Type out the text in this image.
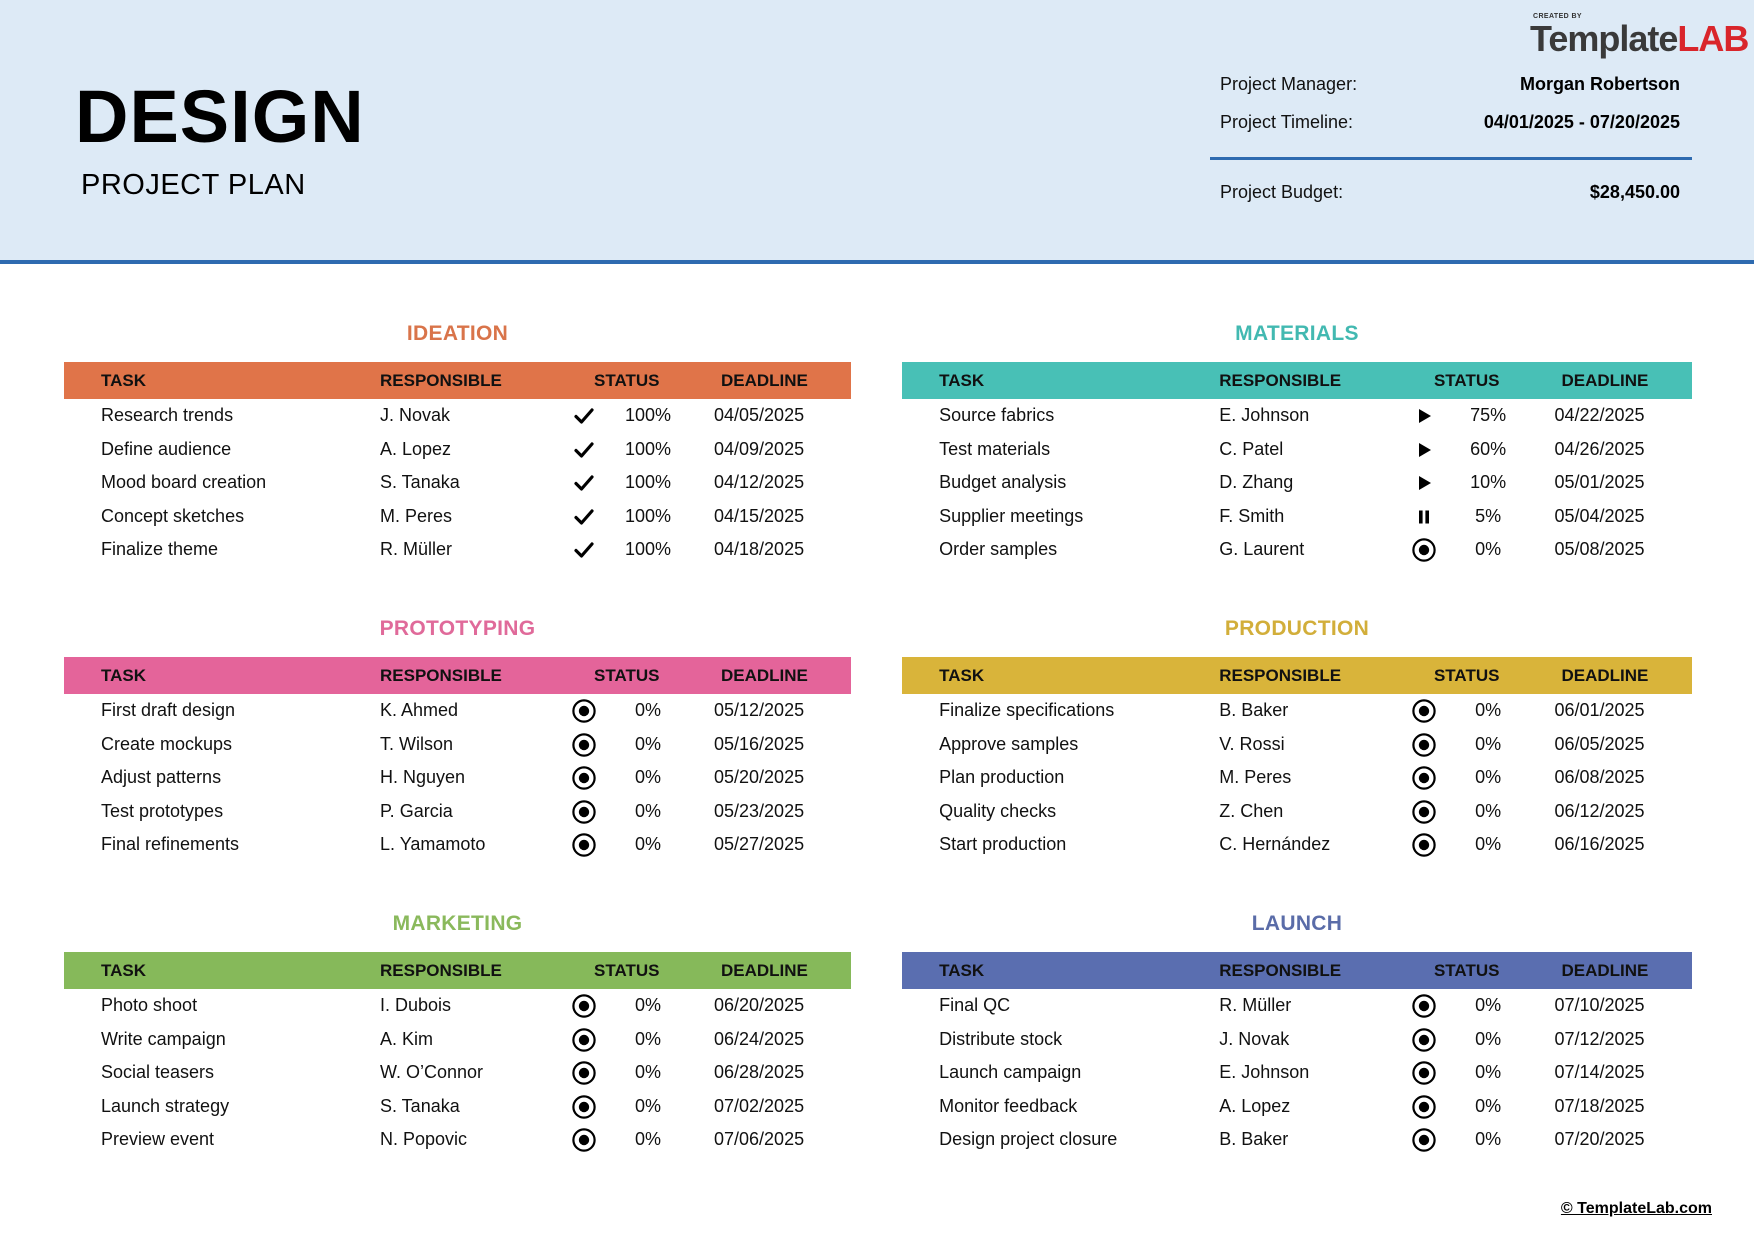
DESIGN
PROJECT PLAN
CREATED BY
TemplateLAB
Project Manager:	Morgan Robertson
Project Timeline:	04/01/2025 - 07/20/2025
Project Budget:	$28,450.00
IDEATION
TASK	RESPONSIBLE	STATUS	DEADLINE
Research trends	J. Novak	100% 04/05/2025
Define audience	A. Lopez	100% 04/09/2025
Mood board creation	S. Tanaka	100% 04/12/2025
Concept sketches	M. Peres	100% 04/15/2025
Finalize theme	R. Müller	100% 04/18/2025
MATERIALS
TASK	RESPONSIBLE	STATUS	DEADLINE
Source fabrics	E. Johnson	75%	04/22/2025
Test materials	C. Patel	60%	04/26/2025
Budget analysis	D. Zhang	10%	05/01/2025
Supplier meetings	F. Smith	5%	05/04/2025
Order samples	G. Laurent	0%	05/08/2025
PROTOTYPING
TASK	RESPONSIBLE	STATUS	DEADLINE
First draft design	K. Ahmed	0%	05/12/2025
Create mockups	T. Wilson	0%	05/16/2025
Adjust patterns	H. Nguyen	0%	05/20/2025
Test prototypes	P. Garcia	0%	05/23/2025
Final refinements	L. Yamamoto	0%	05/27/2025
PRODUCTION
TASK	RESPONSIBLE	STATUS	DEADLINE
Finalize specifications	B. Baker	0%	06/01/2025
Approve samples	V. Rossi	0%	06/05/2025
Plan production	M. Peres	0%	06/08/2025
Quality checks	Z. Chen	0%	06/12/2025
Start production	C. Hernández	0%	06/16/2025
MARKETING
TASK	RESPONSIBLE	STATUS	DEADLINE
Photo shoot	I. Dubois	0%	06/20/2025
Write campaign	A. Kim	0%	06/24/2025
Social teasers	W. O’Connor	0%	06/28/2025
Launch strategy	S. Tanaka	0%	07/02/2025
Preview event	N. Popovic	0%	07/06/2025
LAUNCH
TASK	RESPONSIBLE	STATUS	DEADLINE
Final QC	R. Müller	0%	07/10/2025
Distribute stock	J. Novak	0%	07/12/2025
Launch campaign	E. Johnson	0%	07/14/2025
Monitor feedback	A. Lopez	0%	07/18/2025
Design project closure	B. Baker	0%	07/20/2025
© TemplateLab.com
